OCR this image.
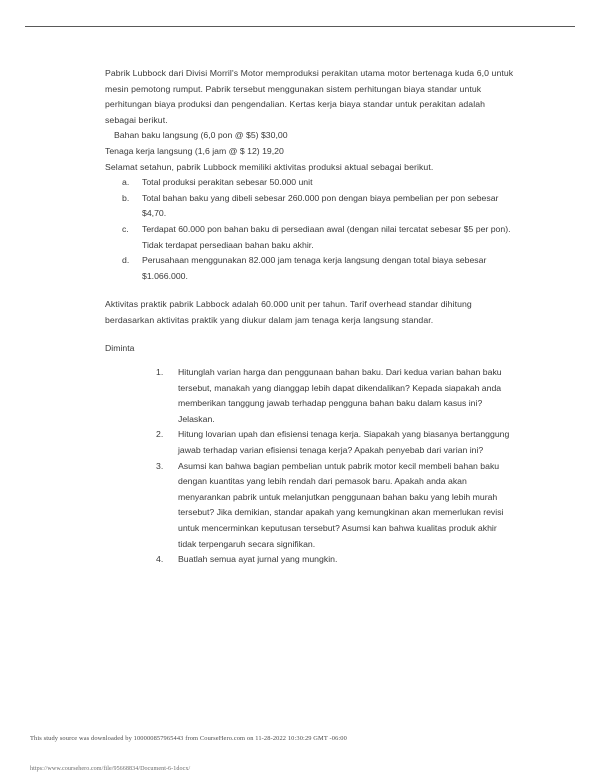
Pabrik Lubbock dari Divisi Morril's Motor memproduksi perakitan utama motor bertenaga kuda 6,0 untuk mesin pemotong rumput. Pabrik tersebut menggunakan sistem perhitungan biaya standar untuk perhitungan biaya produksi dan pengendalian. Kertas kerja biaya standar untuk perakitan adalah sebagai berikut.

Bahan baku langsung (6,0 pon @ $5) $30,00
Tenaga kerja langsung (1,6 jam @ $ 12) 19,20

Selamat setahun, pabrik Lubbock memiliki aktivitas produksi aktual sebagai berikut.

a.	Total produksi perakitan sebesar 50.000 unit
b.	Total bahan baku yang dibeli sebesar 260.000 pon dengan biaya pembelian per pon sebesar $4,70.
c.	Terdapat 60.000 pon bahan baku di persediaan awal (dengan nilai tercatat sebesar $5 per pon). Tidak terdapat persediaan bahan baku akhir.
d.	Perusahaan menggunakan 82.000 jam tenaga kerja langsung dengan total biaya sebesar $1.066.000.

Aktivitas praktik pabrik Labbock adalah 60.000 unit per tahun. Tarif overhead standar dihitung berdasarkan aktivitas praktik yang diukur dalam jam tenaga kerja langsung standar.

Diminta
1.	Hitunglah varian harga dan penggunaan bahan baku. Dari kedua varian bahan baku tersebut, manakah yang dianggap lebih dapat dikendalikan? Kepada siapakah anda memberikan tanggung jawab terhadap pengguna bahan baku dalam kasus ini? Jelaskan.
2.	Hitung lovarian upah dan efisiensi tenaga kerja. Siapakah yang biasanya bertanggung jawab terhadap varian efisiensi tenaga kerja? Apakah penyebab dari varian ini?
3.	Asumsi kan bahwa bagian pembelian untuk pabrik motor kecil membeli bahan baku dengan kuantitas yang lebih rendah dari pemasok baru. Apakah anda akan menyarankan pabrik untuk melanjutkan penggunaan bahan baku yang lebih murah tersebut? Jika demikian, standar apakah yang kemungkinan akan memerlukan revisi untuk mencerminkan keputusan tersebut? Asumsi kan bahwa kualitas produk akhir tidak terpengaruh secara signifikan.
4.	Buatlah semua ayat jurnal yang mungkin.
This study source was downloaded by 100000857965443 from CourseHero.com on 11-28-2022 10:30:29 GMT -06:00
https://www.coursehero.com/file/95668834/Document-6-1docx/
